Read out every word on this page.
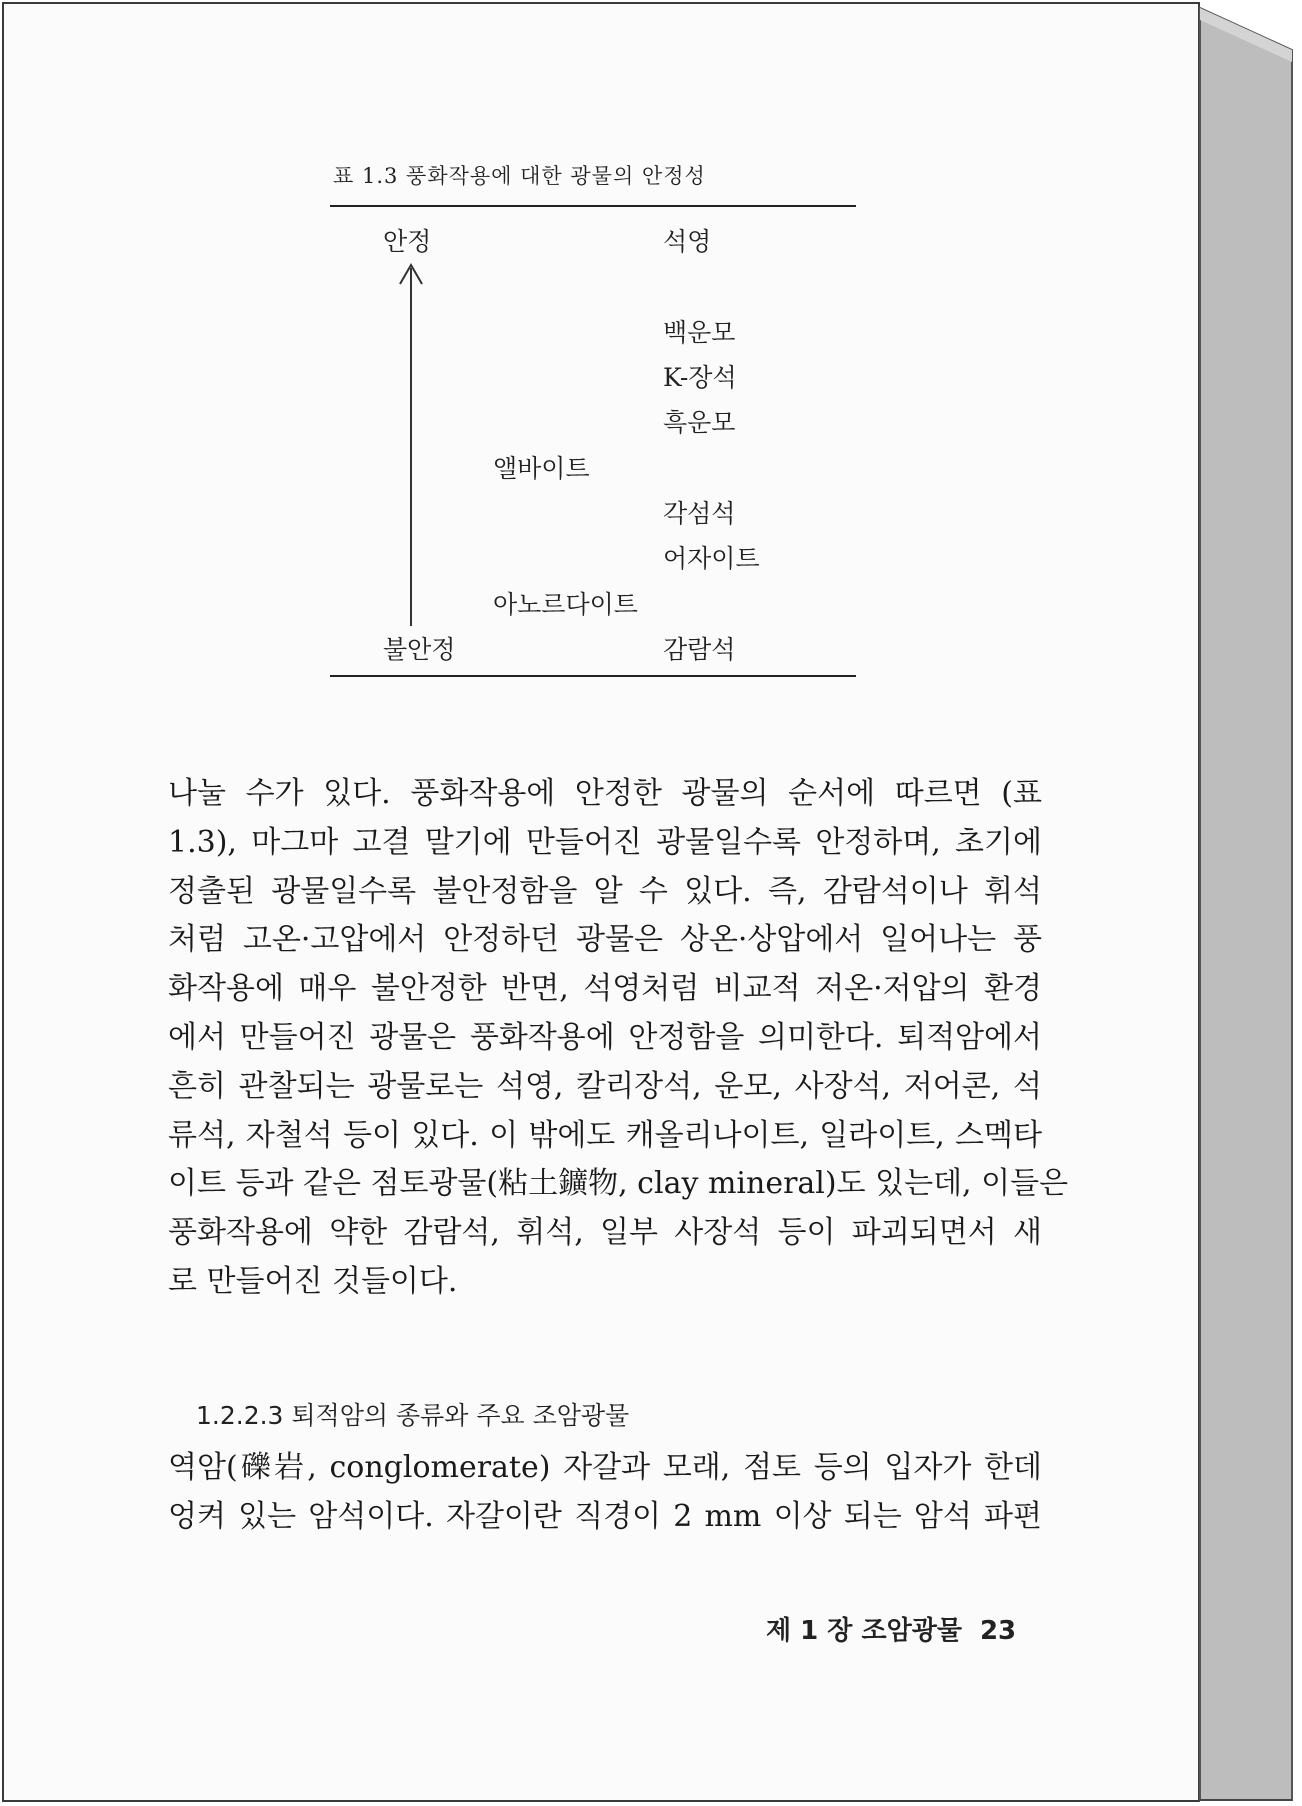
표 1.3 풍화작용에 대한 광물의 안정성
안정
불안정
석영
백운모
K-장석
흑운모
앨바이트
각섬석
어자이트
아노르다이트
감람석
나눌 수가 있다. 풍화작용에 안정한 광물의 순서에 따르면 (표
1.3), 마그마 고결 말기에 만들어진 광물일수록 안정하며, 초기에
정출된 광물일수록 불안정함을 알 수 있다. 즉, 감람석이나 휘석
처럼 고온·고압에서 안정하던 광물은 상온·상압에서 일어나는 풍
화작용에 매우 불안정한 반면, 석영처럼 비교적 저온·저압의 환경
에서 만들어진 광물은 풍화작용에 안정함을 의미한다. 퇴적암에서
흔히 관찰되는 광물로는 석영, 칼리장석, 운모, 사장석, 저어콘, 석
류석, 자철석 등이 있다. 이 밖에도 캐올리나이트, 일라이트, 스멕타
이트 등과 같은 점토광물(粘土鑛物, clay mineral)도 있는데, 이들은
풍화작용에 약한 감람석, 휘석, 일부 사장석 등이 파괴되면서 새
로 만들어진 것들이다.
1.2.2.3 퇴적암의 종류와 주요 조암광물
역암(礫岩, conglomerate) 자갈과 모래, 점토 등의 입자가 한데
엉켜 있는 암석이다. 자갈이란 직경이 2 mm 이상 되는 암석 파편
제 1 장 조암광물 23
